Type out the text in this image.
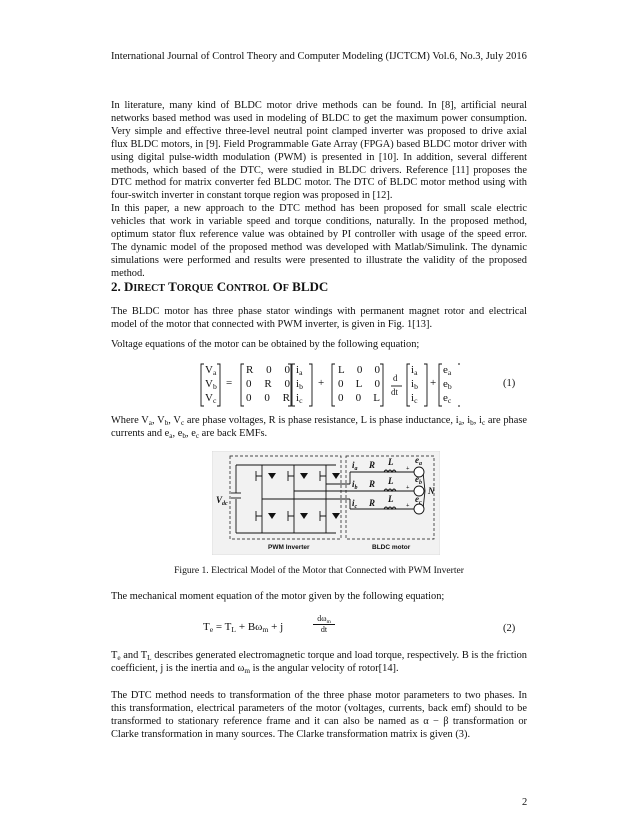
International Journal of Control Theory and Computer Modeling (IJCTCM) Vol.6, No.3, July 2016

In literature, many kind of BLDC motor drive methods can be found. In [8], artificial neural networks based method was used in modeling of BLDC to get the maximum power consumption. Very simple and effective three-level neutral point clamped inverter was proposed to drive axial flux BLDC motors, in [9]. Field Programmable Gate Array (FPGA) based BLDC motor driver with using digital pulse-width modulation (PWM) is presented in [10]. In addition, several different methods, which based of the DTC, were studied in BLDC drivers. Reference [11] proposes the DTC method for matrix converter fed BLDC motor. The DTC of BLDC motor method using with four-switch inverter in constant torque region was proposed in [12].

In this paper, a new approach to the DTC method has been proposed for small scale electric vehicles that work in variable speed and torque conditions, naturally. In the proposed method, optimum stator flux reference value was obtained by PI controller with usage of the speed error. The dynamic model of the proposed method was developed with Matlab/Simulink. The dynamic simulations were performed and results were presented to illustrate the validity of the proposed method.

2. DIRECT TORQUE CONTROL OF BLDC

The BLDC motor has three phase stator windings with permanent magnet rotor and electrical model of the motor that connected with PWM inverter, is given in Fig. 1[13].

Voltage equations of the motor can be obtained by the following equation;

$V_a$
$V_b$
$V_c$
=
R 0 0
0 R 0
0 0 R
$i_a$
$i_b$
$i_c$
+
L 0 0
0 L 0
0 0 L
d
dt
$i_a$
$i_b$
$i_c$
+
$e_a$
$e_b$
$e_c$
(1)

Where $V_a$, $V_b$, $V_c$ are phase voltages, R is phase resistance, L is phase inductance, $i_a$, $i_b$, $i_c$ are phase currents and $e_a$, $e_b$, $e_c$ are back EMFs.

$V_{dc}$
$i_a$
$i_b$
$i_c$
R
R
R
L
L
L
$e_a$
$e_b$
$e_c$
N
+
+
+
PWM Inverter	BLDC motor
Figure 1. Electrical Model of the Motor that Connected with PWM Inverter

The mechanical moment equation of the motor given by the following equation;

$T_e = T_L + B\omega_m + j$
$d\omega_m$
dt	(2)

$T_e$ and $T_L$ describes generated electromagnetic torque and load torque, respectively. B is the friction coefficient, j is the inertia and $\omega_m$ is the angular velocity of rotor[14].

The DTC method needs to transformation of the three phase motor parameters to two phases. In this transformation, electrical parameters of the motor (voltages, currents, back emf) should to be transformed to stationary reference frame and it can also be named as α − β transformation or Clarke transformation in many sources. The Clarke transformation matrix is given (3).

2
